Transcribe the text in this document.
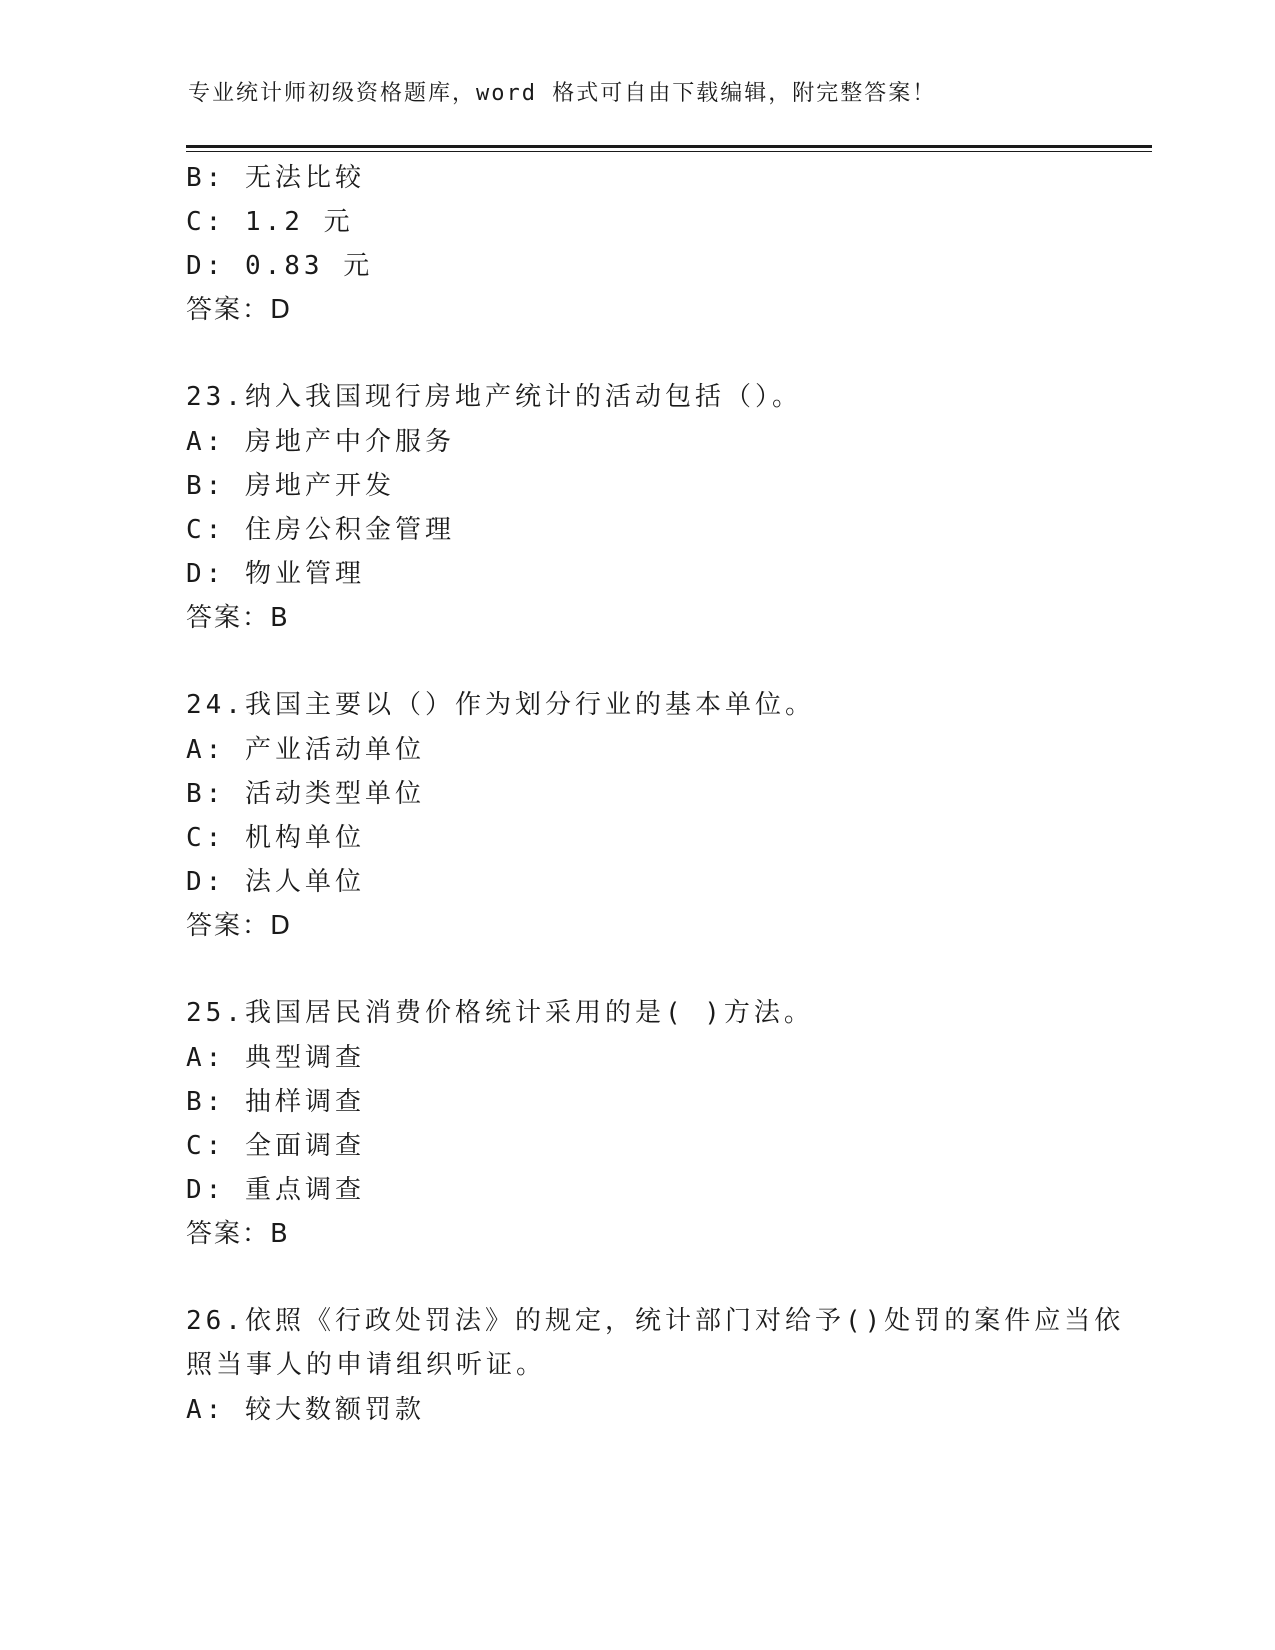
专业统计师初级资格题库，word 格式可自由下载编辑，附完整答案！
B: 无法比较
C: 1.2 元
D: 0.83 元
答案：D
23.纳入我国现行房地产统计的活动包括（）。
A: 房地产中介服务
B: 房地产开发
C: 住房公积金管理
D: 物业管理
答案：B
24.我国主要以（）作为划分行业的基本单位。
A: 产业活动单位
B: 活动类型单位
C: 机构单位
D: 法人单位
答案：D
25.我国居民消费价格统计采用的是( )方法。
A: 典型调查
B: 抽样调查
C: 全面调查
D: 重点调查
答案：B
26.依照《行政处罚法》的规定，统计部门对给予()处罚的案件应当依
照当事人的申请组织听证。
A: 较大数额罚款
